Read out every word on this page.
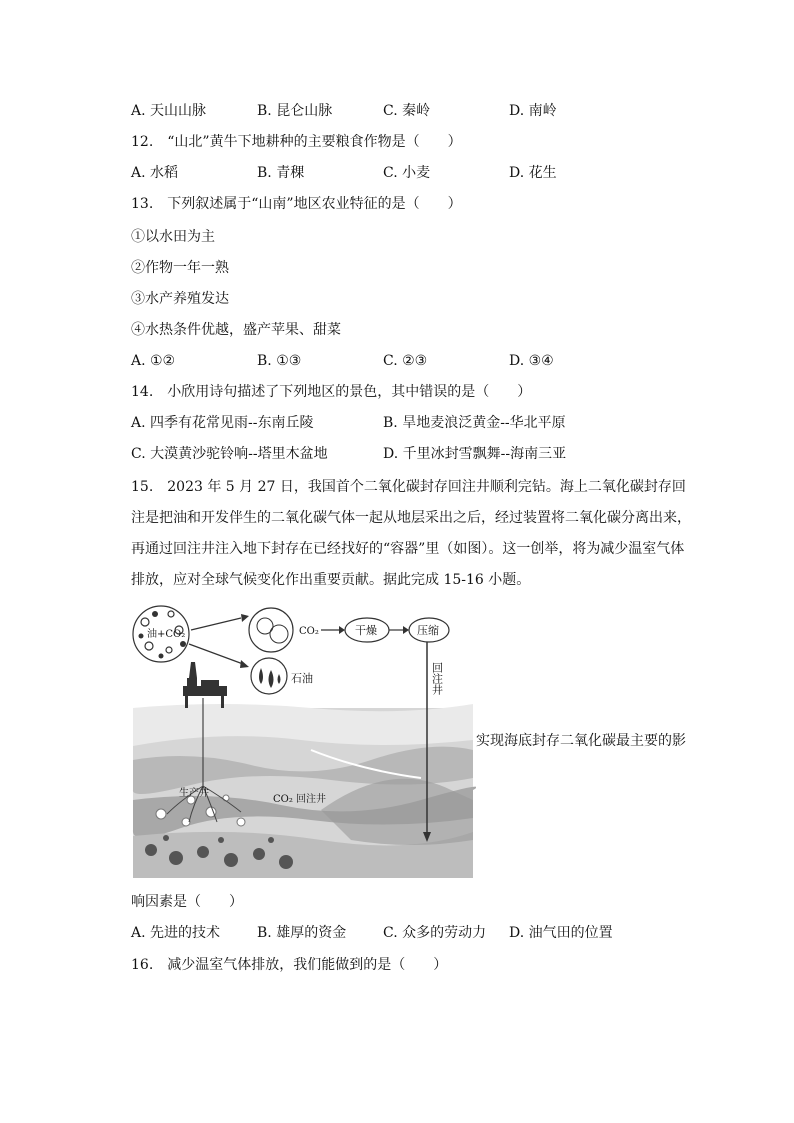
A. 天山山脉	B. 昆仑山脉	C. 秦岭	D. 南岭
12.　“山北”黄牛下地耕种的主要粮食作物是（　　）
A. 水稻	B. 青稞	C. 小麦	D. 花生
13.　下列叙述属于“山南”地区农业特征的是（　　）
①以水田为主
②作物一年一熟
③水产养殖发达
④水热条件优越，盛产苹果、甜菜
A. ①②	B. ①③	C. ②③	D. ③④
14.　小欣用诗句描述了下列地区的景色，其中错误的是（　　）
A. 四季有花常见雨--东南丘陵	B. 旱地麦浪泛黄金--华北平原
C. 大漠黄沙驼铃响--塔里木盆地	D. 千里冰封雪飘舞--海南三亚
15.　2023 年 5 月 27 日，我国首个二氧化碳封存回注井顺利完钻。海上二氧化碳封存回注是把油和开发伴生的二氧化碳气体一起从地层采出之后，经过装置将二氧化碳分离出来，再通过回注井注入地下封存在已经找好的“容器”里（如图）。这一创举，将为减少温室气体排放，应对全球气候变化作出重要贡献。据此完成 15-16 小题。
油+CO₂	CO₂	干燥	压缩
回注井
石油
生产井
CO₂ 回注井
实现海底封存二氧化碳最主要的影
响因素是（　　）
A. 先进的技术	B. 雄厚的资金	C. 众多的劳动力 D. 油气田的位置
16.　减少温室气体排放，我们能做到的是（　　）
